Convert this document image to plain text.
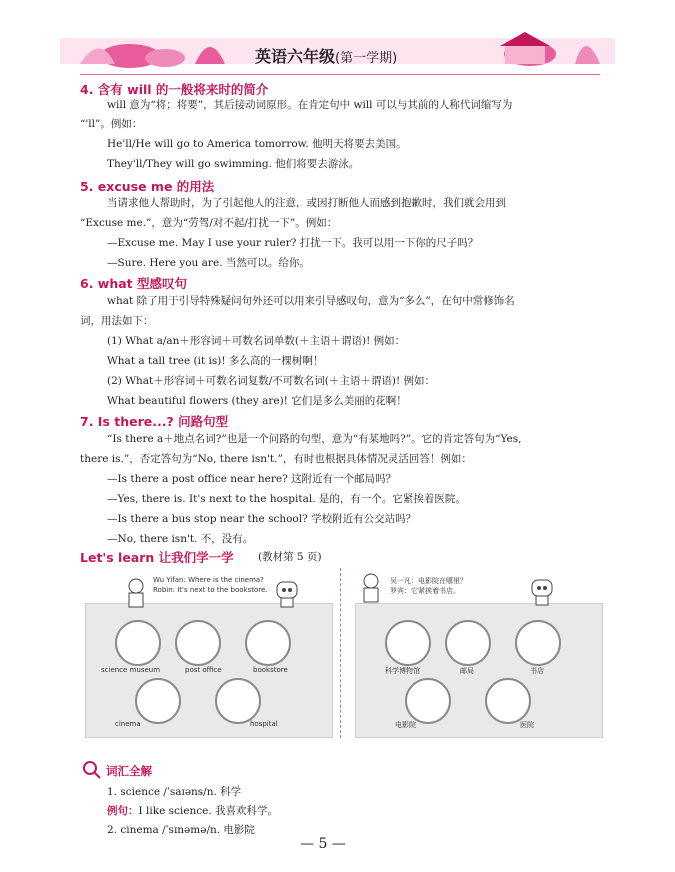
英语六年级(第一学期)
4. 含有 will 的一般将来时的简介
will 意为“将；将要”，其后接动词原形。在肯定句中 will 可以与其前的人称代词缩写为
“'ll”。例如：
He'll/He will go to America tomorrow. 他明天将要去美国。
They'll/They will go swimming. 他们将要去游泳。
5. excuse me 的用法
当请求他人帮助时，为了引起他人的注意，或因打断他人而感到抱歉时，我们就会用到
“Excuse me.”，意为“劳驾/对不起/打扰一下”。例如：
—Excuse me. May I use your ruler? 打扰一下。我可以用一下你的尺子吗？
—Sure. Here you are. 当然可以。给你。
6. what 型感叹句
what 除了用于引导特殊疑问句外还可以用来引导感叹句，意为“多么”，在句中常修饰名
词，用法如下：
(1) What a/an＋形容词＋可数名词单数(＋主语＋谓语)! 例如：
What a tall tree (it is)! 多么高的一棵树啊！
(2) What＋形容词＋可数名词复数/不可数名词(＋主语＋谓语)! 例如：
What beautiful flowers (they are)! 它们是多么美丽的花啊！
7. Is there...? 问路句型
“Is there a＋地点名词?”也是一个问路的句型，意为“有某地吗?”。它的肯定答句为“Yes,
there is.”，否定答句为“No, there isn't.”，有时也根据具体情况灵活回答！例如：
—Is there a post office near here? 这附近有一个邮局吗？
—Yes, there is. It's next to the hospital. 是的，有一个。它紧挨着医院。
—Is there a bus stop near the school? 学校附近有公交站吗？
—No, there isn't. 不，没有。
Let's learn 让我们学一学 (教材第 5 页)
Wu Yifan: Where is the cinema?
Robin: It's next to the bookstore.
science museum	post office	bookstore
cinema	hospital
吴一凡：电影院在哪里？
罗宾：它紧挨着书店。
科学博物馆	邮局	书店
电影院	医院
词汇全解
1. science /ˈsaɪəns/n. 科学
例句：I like science. 我喜欢科学。
2. cinema /ˈsɪnəmə/n. 电影院
— 5 —
